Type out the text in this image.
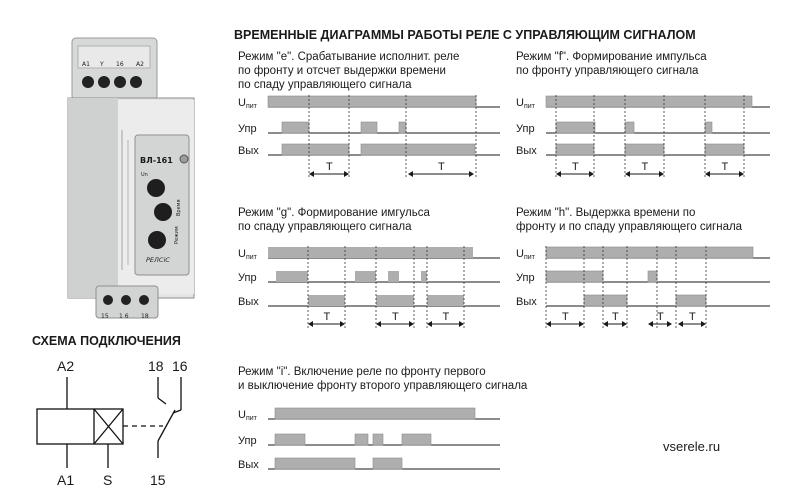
A1 Y 16 A2
ВЛ-161
Un
Время
Режим
РЕЛСiС
15 1 6 18
ВРЕМЕННЫЕ ДИАГРАММЫ РАБОТЫ РЕЛЕ С УПРАВЛЯЮЩИМ СИГНАЛОМ
Режим "e". Срабатывание исполнит. реле
по фронту и отсчет выдержки времени
по спаду управляющего сигнала
Режим "f". Формирование импульса
по фронту управляющего сигнала
Режим "g". Формирование имгульса
по спаду управляющего сигнала
Режим "h". Выдержка времени по
фронту и по спаду управляющего сигнала
Режим "i". Включение реле по фронту первого
и выключение фронту второго управляющего сигнала
Uпит
Упр
Вых
T	T
Uпит
Упр
Вых
T	T	T
Uпит
Упр
Вых
T	T	T
Uпит
Упр
Вых
T	T	T T
Uпит
Упр
Вых
СХЕМА ПОДКЛЮЧЕНИЯ
A2	18 16
A1 S	15
vserele.ru
